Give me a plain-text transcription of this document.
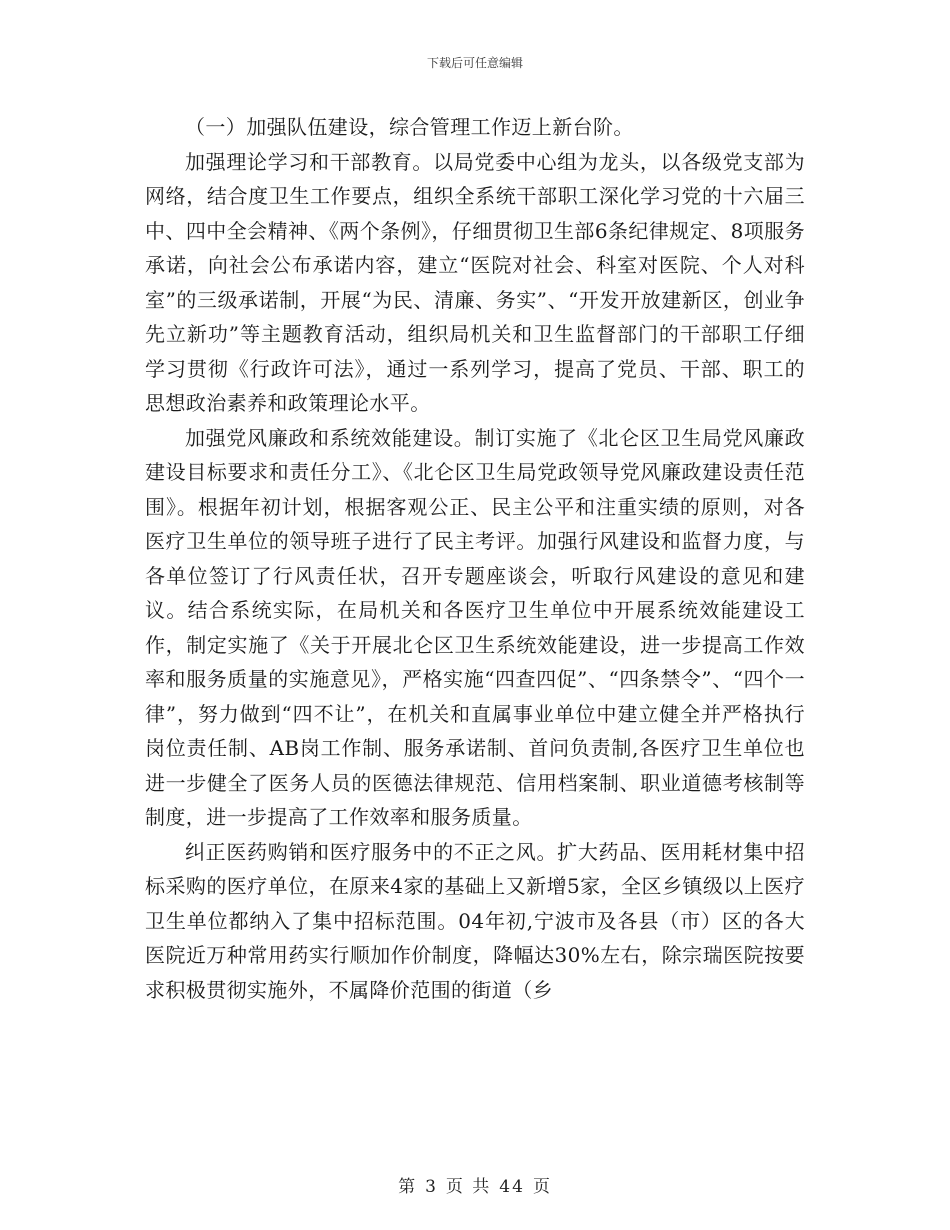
下载后可任意编辑

（一）加强队伍建设，综合管理工作迈上新台阶。

加强理论学习和干部教育。以局党委中心组为龙头，以各级党支部为网络，结合度卫生工作要点，组织全系统干部职工深化学习党的十六届三中、四中全会精神、《两个条例》，仔细贯彻卫生部6条纪律规定、8项服务承诺，向社会公布承诺内容，建立“医院对社会、科室对医院、个人对科室”的三级承诺制，开展“为民、清廉、务实”、“开发开放建新区，创业争先立新功”等主题教育活动，组织局机关和卫生监督部门的干部职工仔细学习贯彻《行政许可法》，通过一系列学习，提高了党员、干部、职工的思想政治素养和政策理论水平。

加强党风廉政和系统效能建设。制订实施了《北仑区卫生局党风廉政建设目标要求和责任分工》、《北仑区卫生局党政领导党风廉政建设责任范围》。根据年初计划，根据客观公正、民主公平和注重实绩的原则，对各医疗卫生单位的领导班子进行了民主考评。加强行风建设和监督力度，与各单位签订了行风责任状，召开专题座谈会，听取行风建设的意见和建议。结合系统实际，在局机关和各医疗卫生单位中开展系统效能建设工作，制定实施了《关于开展北仑区卫生系统效能建设，进一步提高工作效率和服务质量的实施意见》，严格实施“四查四促”、“四条禁令”、“四个一律”，努力做到“四不让”，在机关和直属事业单位中建立健全并严格执行岗位责任制、AB岗工作制、服务承诺制、首问负责制,各医疗卫生单位也进一步健全了医务人员的医德法律规范、信用档案制、职业道德考核制等制度，进一步提高了工作效率和服务质量。

纠正医药购销和医疗服务中的不正之风。扩大药品、医用耗材集中招标采购的医疗单位，在原来4家的基础上又新增5家，全区乡镇级以上医疗卫生单位都纳入了集中招标范围。04年初,宁波市及各县（市）区的各大医院近万种常用药实行顺加作价制度，降幅达30%左右，除宗瑞医院按要求积极贯彻实施外，不属降价范围的街道（乡

第 3 页 共 44 页
